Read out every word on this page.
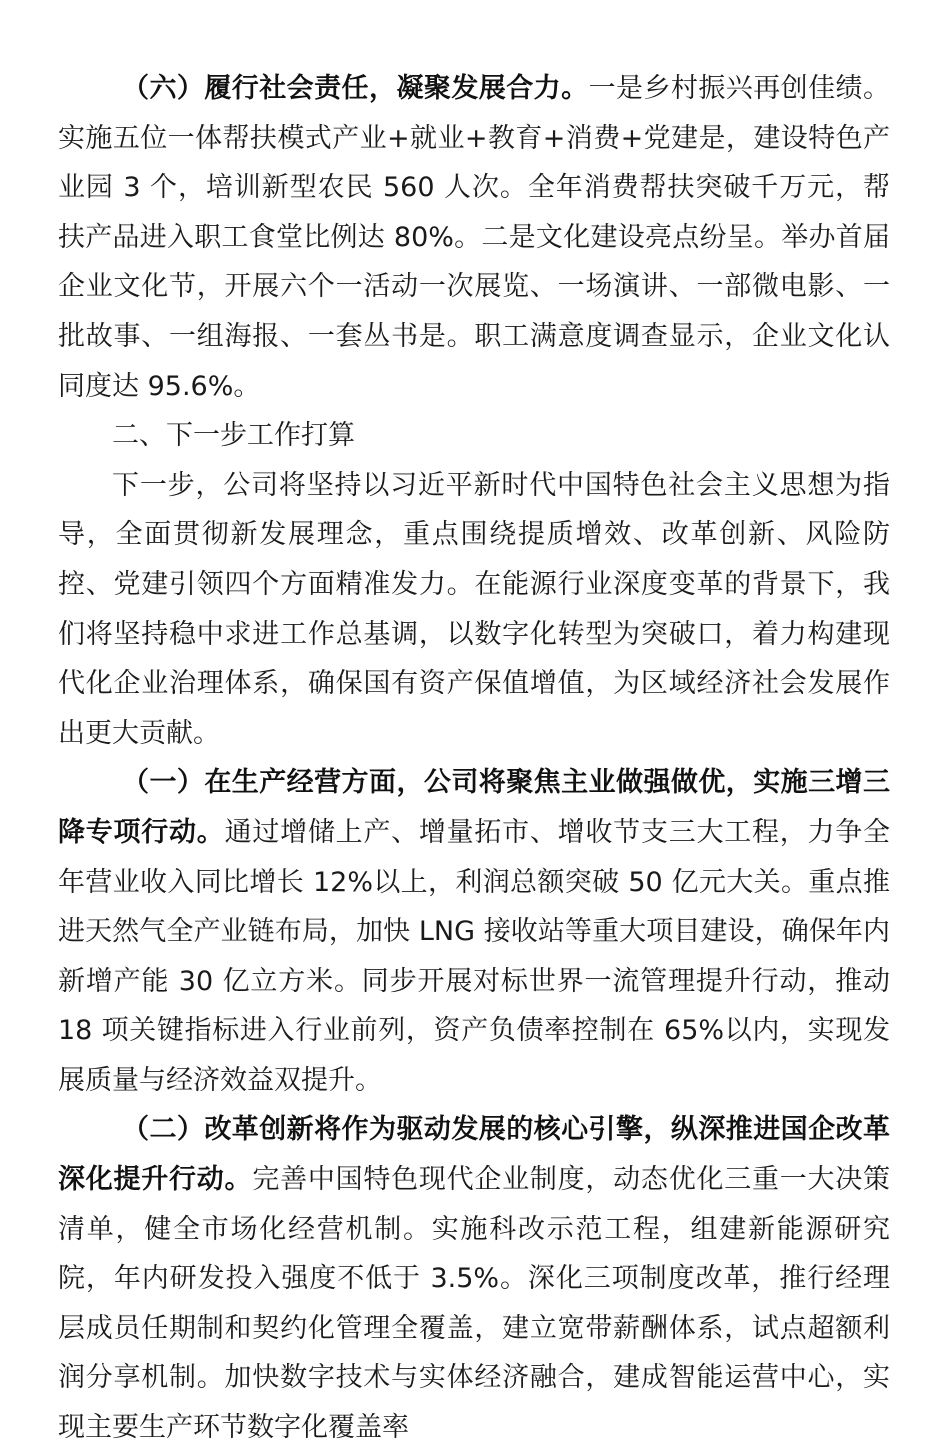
（六）履行社会责任，凝聚发展合力。一是乡村振兴再创佳绩。实施五位一体帮扶模式产业+就业+教育+消费+党建是，建设特色产业园 3 个，培训新型农民 560 人次。全年消费帮扶突破千万元，帮扶产品进入职工食堂比例达 80%。二是文化建设亮点纷呈。举办首届企业文化节，开展六个一活动一次展览、一场演讲、一部微电影、一批故事、一组海报、一套丛书是。职工满意度调查显示，企业文化认同度达 95.6%。

二、下一步工作打算

下一步，公司将坚持以习近平新时代中国特色社会主义思想为指导，全面贯彻新发展理念，重点围绕提质增效、改革创新、风险防控、党建引领四个方面精准发力。在能源行业深度变革的背景下，我们将坚持稳中求进工作总基调，以数字化转型为突破口，着力构建现代化企业治理体系，确保国有资产保值增值，为区域经济社会发展作出更大贡献。

（一）在生产经营方面，公司将聚焦主业做强做优，实施三增三降专项行动。通过增储上产、增量拓市、增收节支三大工程，力争全年营业收入同比增长 12%以上，利润总额突破 50 亿元大关。重点推进天然气全产业链布局，加快 LNG 接收站等重大项目建设，确保年内新增产能 30 亿立方米。同步开展对标世界一流管理提升行动，推动 18 项关键指标进入行业前列，资产负债率控制在 65%以内，实现发展质量与经济效益双提升。

（二）改革创新将作为驱动发展的核心引擎，纵深推进国企改革深化提升行动。完善中国特色现代企业制度，动态优化三重一大决策清单，健全市场化经营机制。实施科改示范工程，组建新能源研究院，年内研发投入强度不低于 3.5%。深化三项制度改革，推行经理层成员任期制和契约化管理全覆盖，建立宽带薪酬体系，试点超额利润分享机制。加快数字技术与实体经济融合，建成智能运营中心，实现主要生产环节数字化覆盖率
